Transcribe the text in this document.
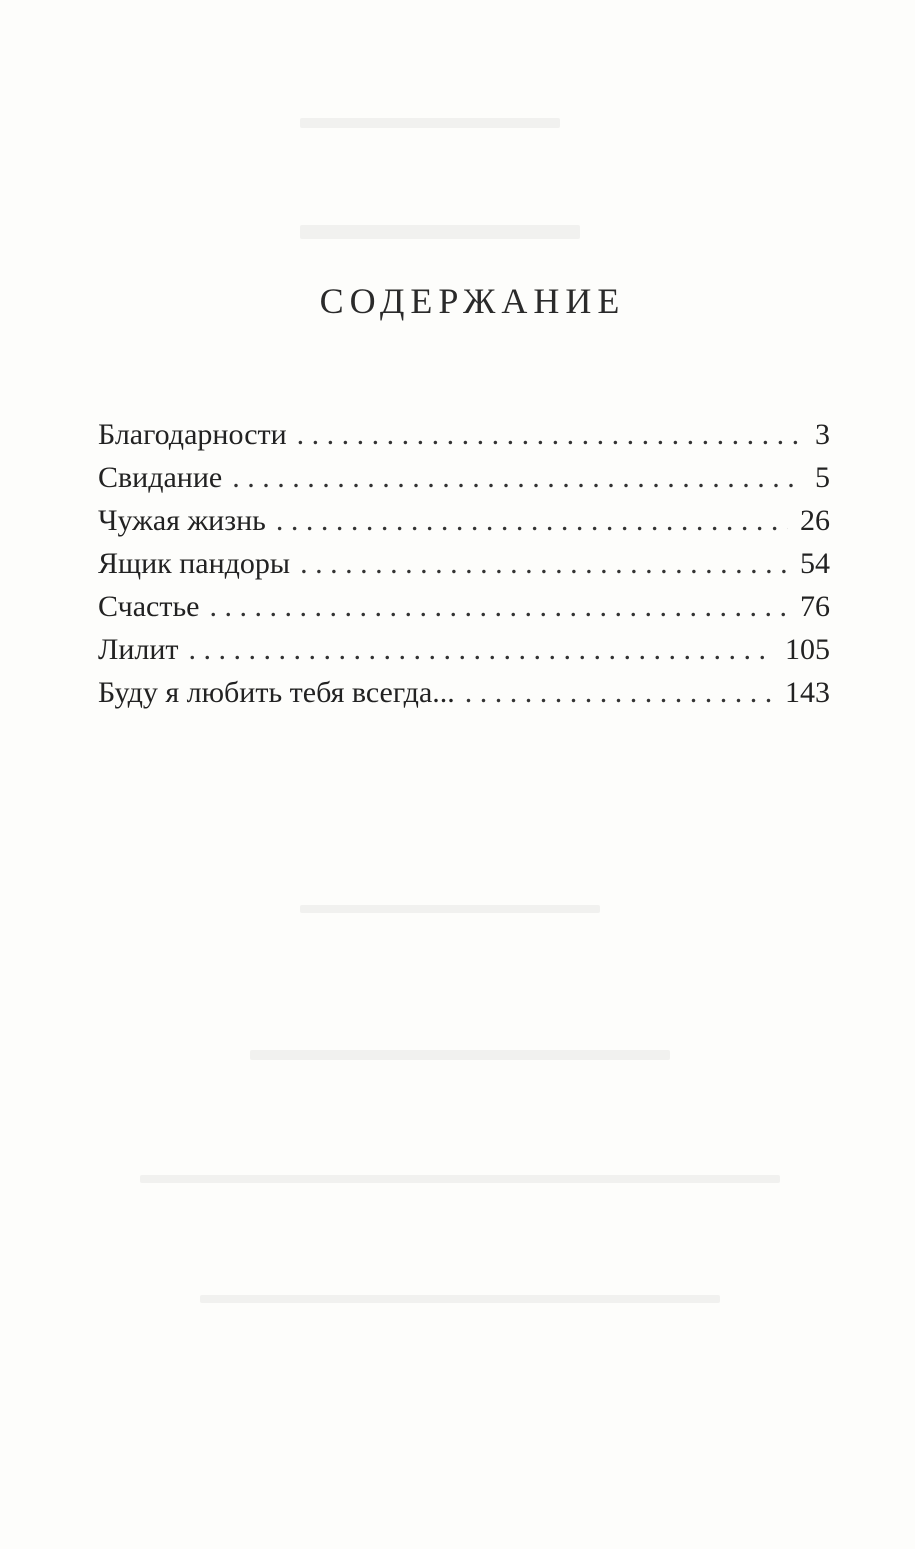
СОДЕРЖАНИЕ
Благодарности . . .	3
Свидание . . .	5
Чужая жизнь . . .	26
Ящик пандоры . . .	54
Счастье . . .	76
Лилит . . .	105
Буду я любить тебя всегда... . . .	143
